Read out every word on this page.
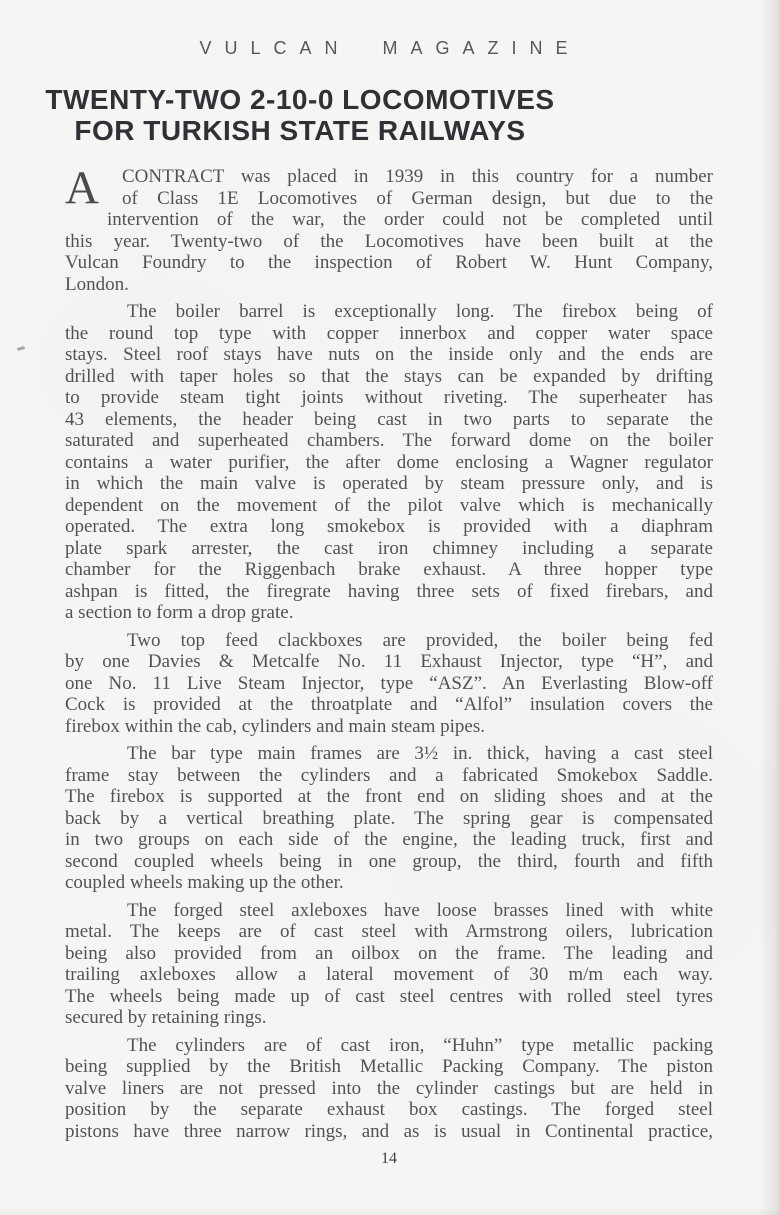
VULCAN MAGAZINE
TWENTY-TWO 2-10-0 LOCOMOTIVES
FOR TURKISH STATE RAILWAYS
A	CONTRACT was placed in 1939 in this country for a number
of Class 1E Locomotives of German design, but due to the
intervention of the war, the order could not be completed until
this year. Twenty-two of the Locomotives have been built at the
Vulcan Foundry to the inspection of Robert W. Hunt Company,
London.
The boiler barrel is exceptionally long. The firebox being of
the round top type with copper innerbox and copper water space
stays. Steel roof stays have nuts on the inside only and the ends are
drilled with taper holes so that the stays can be expanded by drifting
to provide steam tight joints without riveting. The superheater has
43 elements, the header being cast in two parts to separate the
saturated and superheated chambers. The forward dome on the boiler
contains a water purifier, the after dome enclosing a Wagner regulator
in which the main valve is operated by steam pressure only, and is
dependent on the movement of the pilot valve which is mechanically
operated. The extra long smokebox is provided with a diaphram
plate spark arrester, the cast iron chimney including a separate
chamber for the Riggenbach brake exhaust. A three hopper type
ashpan is fitted, the firegrate having three sets of fixed firebars, and
a section to form a drop grate.
Two top feed clackboxes are provided, the boiler being fed
by one Davies & Metcalfe No. 11 Exhaust Injector, type “H”, and
one No. 11 Live Steam Injector, type “ASZ”. An Everlasting Blow-off
Cock is provided at the throatplate and “Alfol” insulation covers the
firebox within the cab, cylinders and main steam pipes.
The bar type main frames are 3½ in. thick, having a cast steel
frame stay between the cylinders and a fabricated Smokebox Saddle.
The firebox is supported at the front end on sliding shoes and at the
back by a vertical breathing plate. The spring gear is compensated
in two groups on each side of the engine, the leading truck, first and
second coupled wheels being in one group, the third, fourth and fifth
coupled wheels making up the other.
The forged steel axleboxes have loose brasses lined with white
metal. The keeps are of cast steel with Armstrong oilers, lubrication
being also provided from an oilbox on the frame. The leading and
trailing axleboxes allow a lateral movement of 30 m/m each way.
The wheels being made up of cast steel centres with rolled steel tyres
secured by retaining rings.
The cylinders are of cast iron, “Huhn” type metallic packing
being supplied by the British Metallic Packing Company. The piston
valve liners are not pressed into the cylinder castings but are held in
position by the separate exhaust box castings. The forged steel
pistons have three narrow rings, and as is usual in Continental practice,
14
